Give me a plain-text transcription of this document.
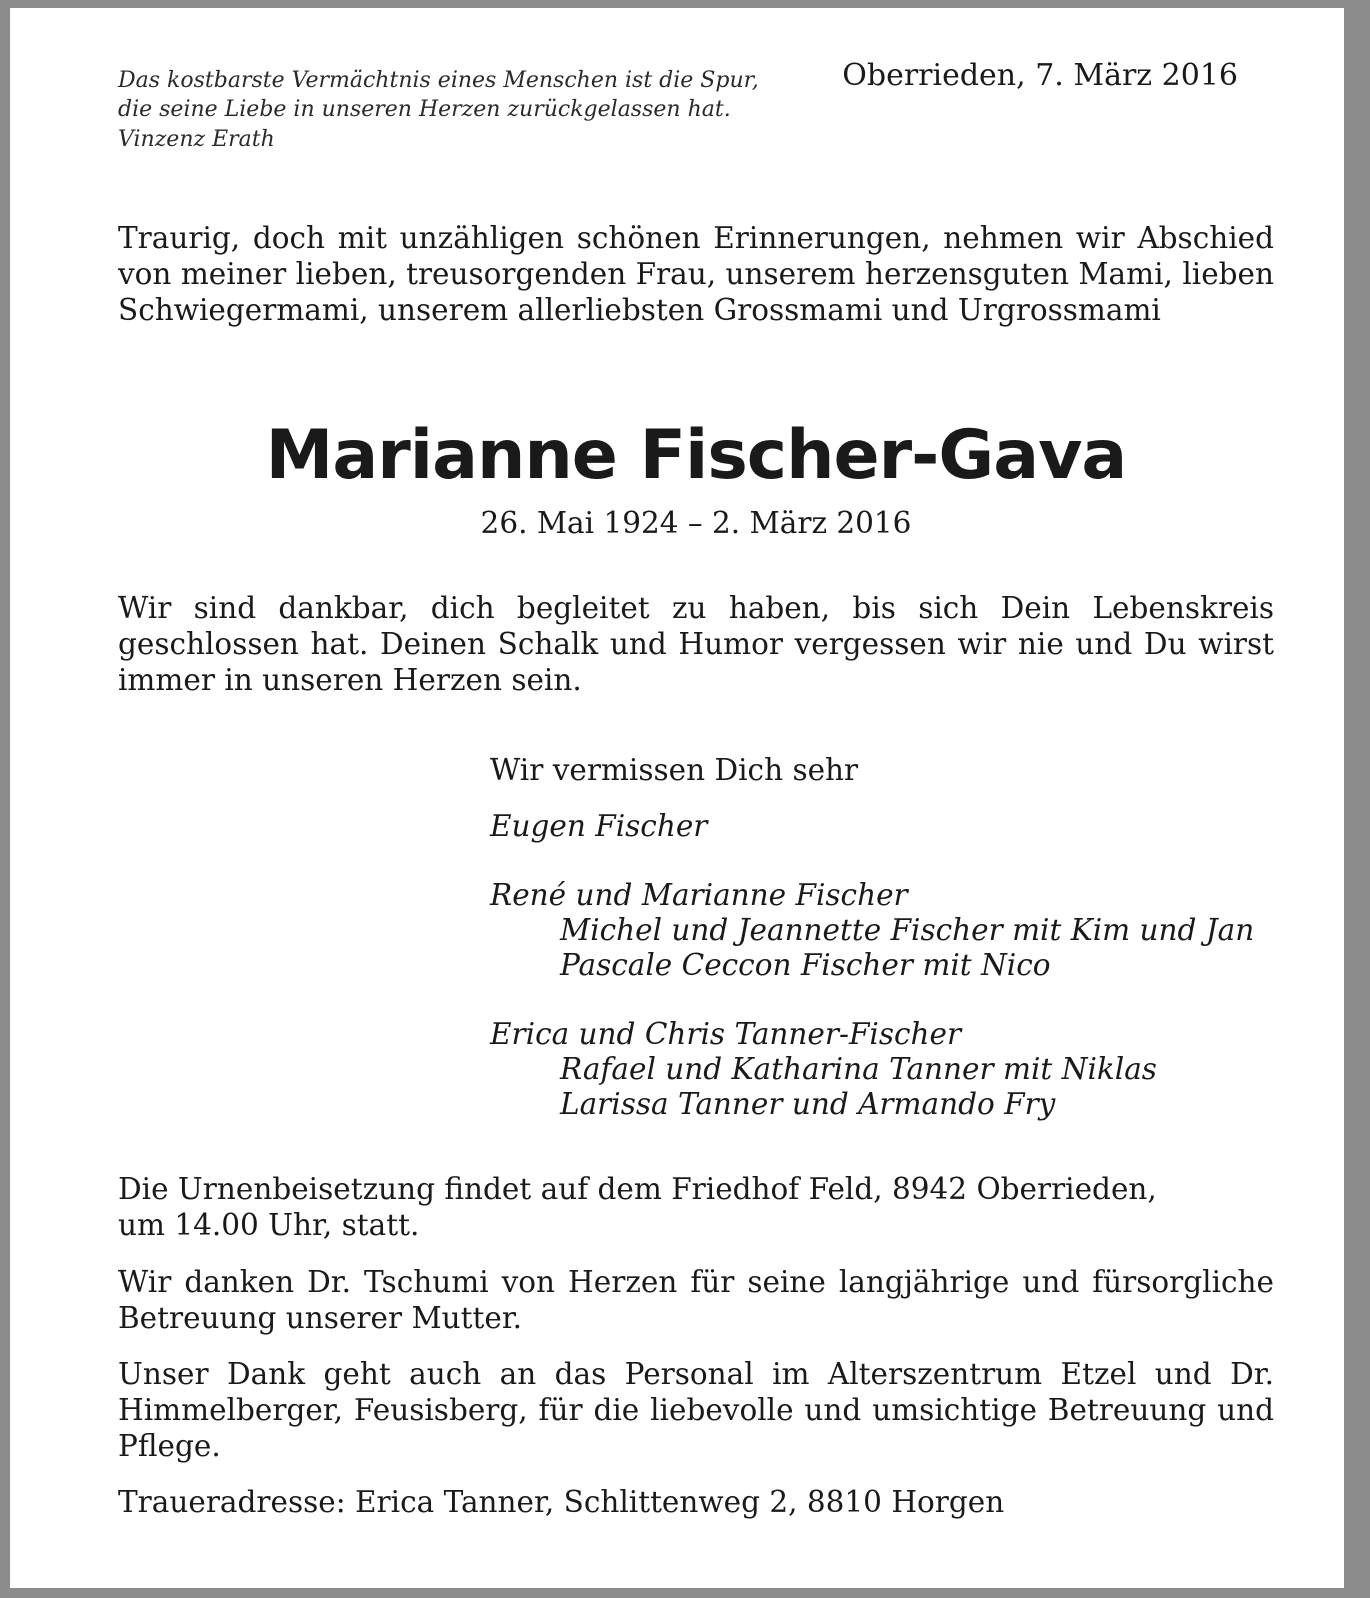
Das kostbarste Vermächtnis eines Menschen ist die Spur,
die seine Liebe in unseren Herzen zurückgelassen hat.

Vinzenz Erath

Oberrieden, 7. März 2016

Traurig, doch mit unzähligen schönen Erinnerungen, nehmen wir Abschied von meiner lieben, treusorgenden Frau, unserem herzensguten Mami, lieben Schwiegermami, unserem allerliebsten Grossmami und Urgrossmami

Marianne Fischer-Gava

26. Mai 1924 – 2. März 2016

Wir sind dankbar, dich begleitet zu haben, bis sich Dein Lebenskreis geschlossen hat. Deinen Schalk und Humor vergessen wir nie und Du wirst immer in unseren Herzen sein.

Wir vermissen Dich sehr

Eugen Fischer

René und Marianne Fischer

Michel und Jeannette Fischer mit Kim und Jan

Pascale Ceccon Fischer mit Nico

Erica und Chris Tanner-Fischer

Rafael und Katharina Tanner mit Niklas

Larissa Tanner und Armando Fry

Die Urnenbeisetzung findet auf dem Friedhof Feld, 8942 Oberrieden,
um 14.00 Uhr, statt.

Wir danken Dr. Tschumi von Herzen für seine langjährige und fürsorgliche Betreuung unserer Mutter.

Unser Dank geht auch an das Personal im Alterszentrum Etzel und Dr. Himmelberger, Feusisberg, für die liebevolle und umsichtige Betreuung und Pflege.

Traueradresse: Erica Tanner, Schlittenweg 2, 8810 Horgen
